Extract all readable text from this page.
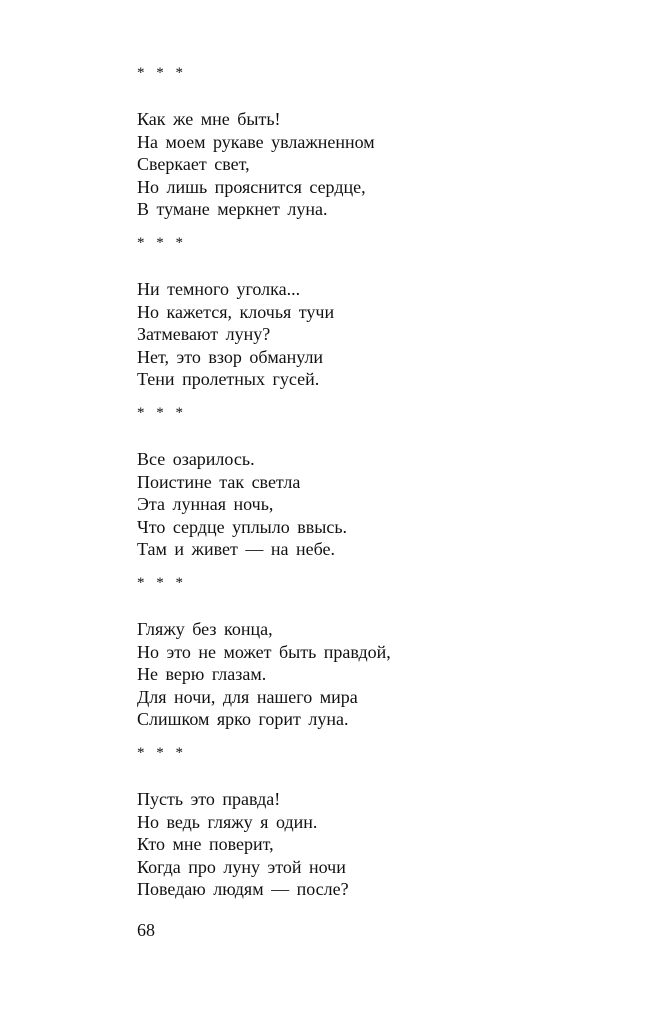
* * *
Как же мне быть!
На моем рукаве увлажненном
Сверкает свет,
Но лишь прояснится сердце,
В тумане меркнет луна.
* * *
Ни темного уголка...
Но кажется, клочья тучи
Затмевают луну?
Нет, это взор обманули
Тени пролетных гусей.
* * *
Все озарилось.
Поистине так светла
Эта лунная ночь,
Что сердце уплыло ввысь.
Там и живет — на небе.
* * *
Гляжу без конца,
Но это не может быть правдой,
Не верю глазам.
Для ночи, для нашего мира
Слишком ярко горит луна.
* * *
Пусть это правда!
Но ведь гляжу я один.
Кто мне поверит,
Когда про луну этой ночи
Поведаю людям — после?
68
